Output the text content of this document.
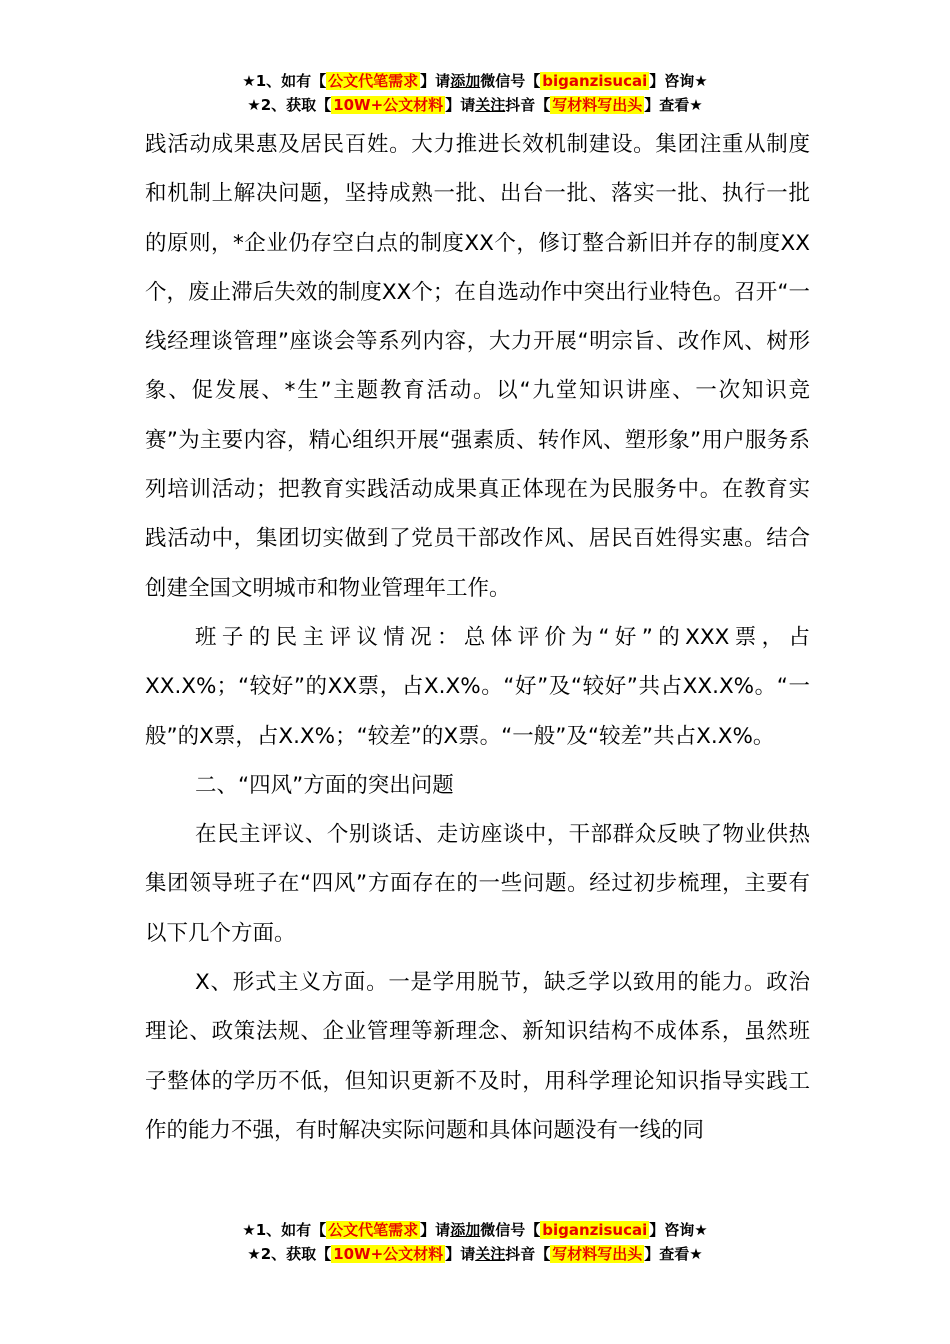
★1、如有【 公文代笔需求 】请添加微信号【 biganzisucai 】咨询★
★2、获取【 10W+公文材料 】请关注抖音【 写材料写出头 】查看★

践活动成果惠及居民百姓。大力推进长效机制建设。集团注重从制度和机制上解决问题，坚持成熟一批、出台一批、落实一批、执行一批的原则，*企业仍存空白点的制度XX个，修订整合新旧并存的制度XX个，废止滞后失效的制度XX个；在自选动作中突出行业特色。召开“一线经理谈管理”座谈会等系列内容，大力开展“明宗旨、改作风、树形象、促发展、*生”主题教育活动。以“九堂知识讲座、一次知识竞赛”为主要内容，精心组织开展“强素质、转作风、塑形象”用户服务系列培训活动；把教育实践活动成果真正体现在为民服务中。在教育实践活动中，集团切实做到了党员干部改作风、居民百姓得实惠。结合创建全国文明城市和物业管理年工作。

班子的民主评议情况：总体评价为“好”的XXX票，占XX.X%；“较好”的XX票，占X.X%。“好”及“较好”共占XX.X%。“一般”的X票，占X.X%；“较差”的X票。“一般”及“较差”共占X.X%。

二、“四风”方面的突出问题

在民主评议、个别谈话、走访座谈中，干部群众反映了物业供热集团领导班子在“四风”方面存在的一些问题。经过初步梳理，主要有以下几个方面。

X、形式主义方面。一是学用脱节，缺乏学以致用的能力。政治理论、政策法规、企业管理等新理念、新知识结构不成体系，虽然班子整体的学历不低，但知识更新不及时，用科学理论知识指导实践工作的能力不强，有时解决实际问题和具体问题没有一线的同

★1、如有【 公文代笔需求 】请添加微信号【 biganzisucai 】咨询★
★2、获取【 10W+公文材料 】请关注抖音【 写材料写出头 】查看★
